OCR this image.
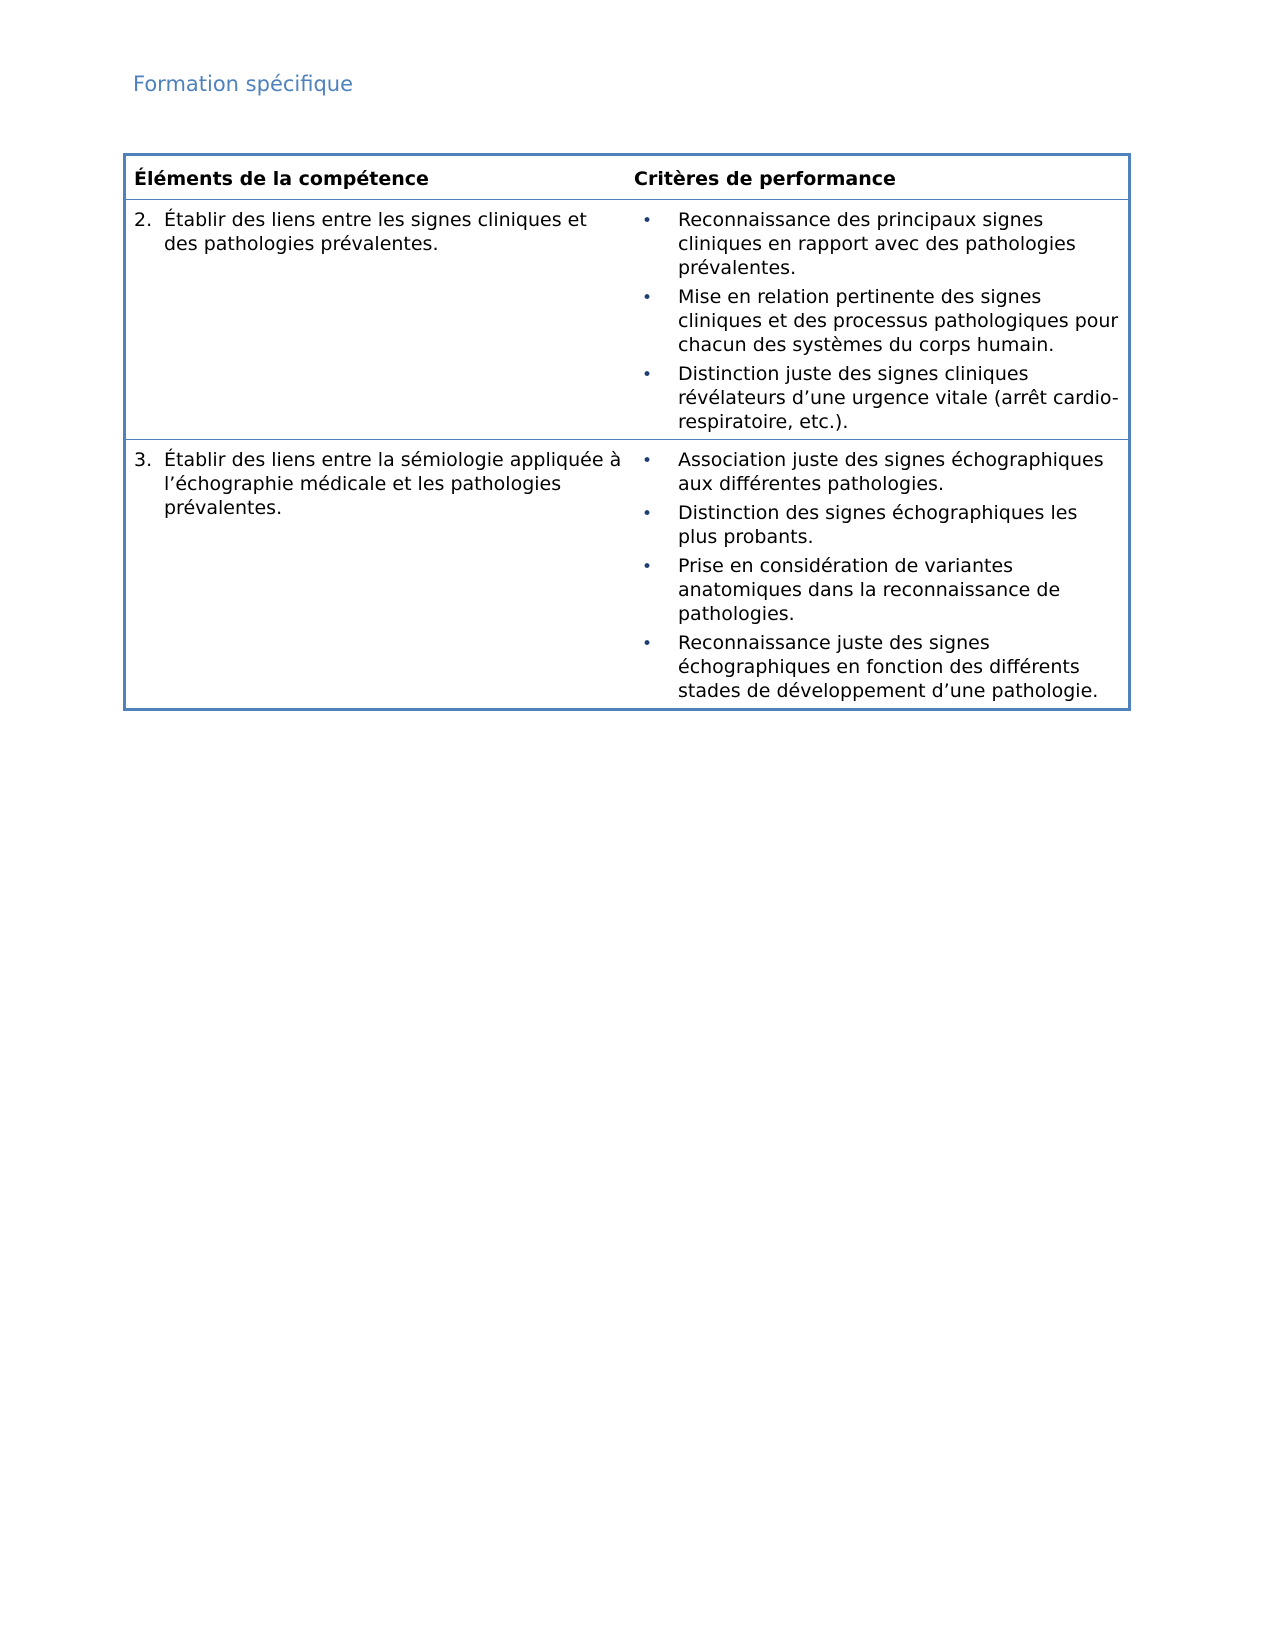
Formation spécifique
Éléments de la compétence	Critères de performance
2. Établir des liens entre les signes cliniques et des pathologies prévalentes.
•
Reconnaissance des principaux signes cliniques en rapport avec des pathologies prévalentes.
•
Mise en relation pertinente des signes cliniques et des processus pathologiques pour chacun des systèmes du corps humain.
•
Distinction juste des signes cliniques révélateurs d’une urgence vitale (arrêt cardio-respiratoire, etc.).
3. Établir des liens entre la sémiologie appliquée à l’échographie médicale et les pathologies prévalentes.
•
Association juste des signes échographiques aux différentes pathologies.
•
Distinction des signes échographiques les plus probants.
•
Prise en considération de variantes anatomiques dans la reconnaissance de pathologies.
•
Reconnaissance juste des signes échographiques en fonction des différents stades de développement d’une pathologie.
